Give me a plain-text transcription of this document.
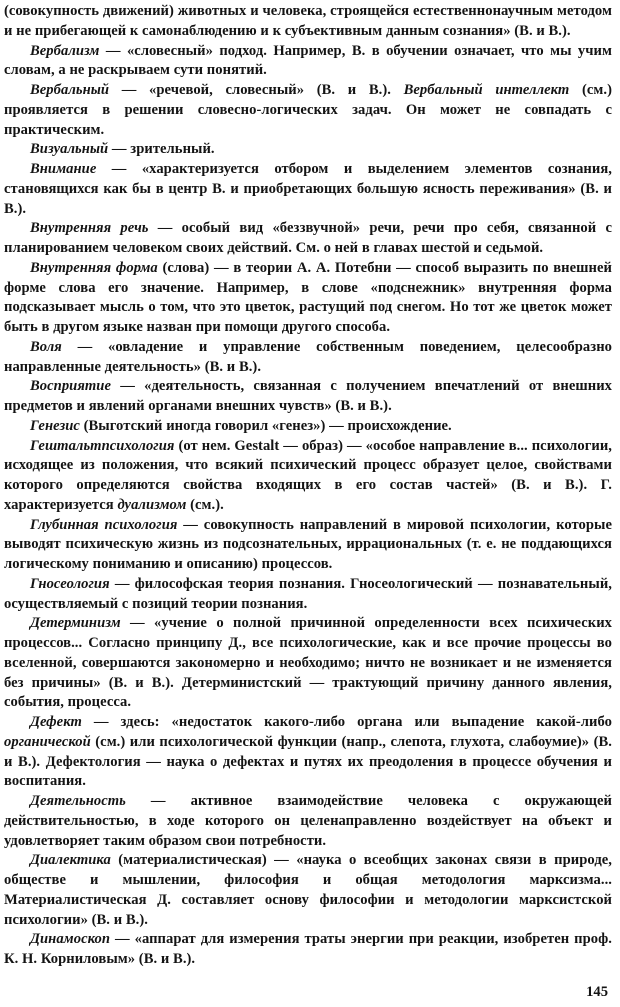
(совокупность движений) животных и человека, строящейся естественнонаучным методом и не прибегающей к самонаблюдению и к субъективным данным сознания» (В. и В.).

Вербализм — «словесный» подход. Например, В. в обучении означает, что мы учим словам, а не раскрываем сути понятий.

Вербальный — «речевой, словесный» (В. и В.). Вербальный интеллект (см.) проявляется в решении словесно-логических задач. Он может не совпадать с практическим.

Визуальный — зрительный.

Внимание — «характеризуется отбором и выделением элементов сознания, становящихся как бы в центр В. и приобретающих большую ясность переживания» (В. и В.).

Внутренняя речь — особый вид «беззвучной» речи, речи про себя, связанной с планированием человеком своих действий. См. о ней в главах шестой и седьмой.

Внутренняя форма (слова) — в теории А. А. Потебни — способ выразить по внешней форме слова его значение. Например, в слове «подснежник» внутренняя форма подсказывает мысль о том, что это цветок, растущий под снегом. Но тот же цветок может быть в другом языке назван при помощи другого способа.

Воля — «овладение и управление собственным поведением, целесообразно направленные деятельность» (В. и В.).

Восприятие — «деятельность, связанная с получением впечатлений от внешних предметов и явлений органами внешних чувств» (В. и В.).

Генезис (Выготский иногда говорил «генез») — происхождение.

Гештальтпсихология (от нем. Gestalt — образ) — «особое направление в... психологии, исходящее из положения, что всякий психический процесс образует целое, свойствами которого определяются свойства входящих в его состав частей» (В. и В.). Г. характеризуется дуализмом (см.).

Глубинная психология — совокупность направлений в мировой психологии, которые выводят психическую жизнь из подсознательных, иррациональных (т. е. не поддающихся логическому пониманию и описанию) процессов.

Гносеология — философская теория познания. Гносеологический — познавательный, осуществляемый с позиций теории познания.

Детерминизм — «учение о полной причинной определенности всех психических процессов... Согласно принципу Д., все психологические, как и все прочие процессы во вселенной, совершаются закономерно и необходимо; ничто не возникает и не изменяется без причины» (В. и В.). Детерминистский — трактующий причину данного явления, события, процесса.

Дефект — здесь: «недостаток какого-либо органа или выпадение какой-либо органической (см.) или психологической функции (напр., слепота, глухота, слабоумие)» (В. и В.). Дефектология — наука о дефектах и путях их преодоления в процессе обучения и воспитания.

Деятельность — активное взаимодействие человека с окружающей действительностью, в ходе которого он целенаправленно воздействует на объект и удовлетворяет таким образом свои потребности.

Диалектика (материалистическая) — «наука о всеобщих законах связи в природе, обществе и мышлении, философия и общая методология марксизма... Материалистическая Д. составляет основу философии и методологии марксистской психологии» (В. и В.).

Динамоскоп — «аппарат для измерения траты энергии при реакции, изобретен проф. К. Н. Корниловым» (В. и В.).

145
